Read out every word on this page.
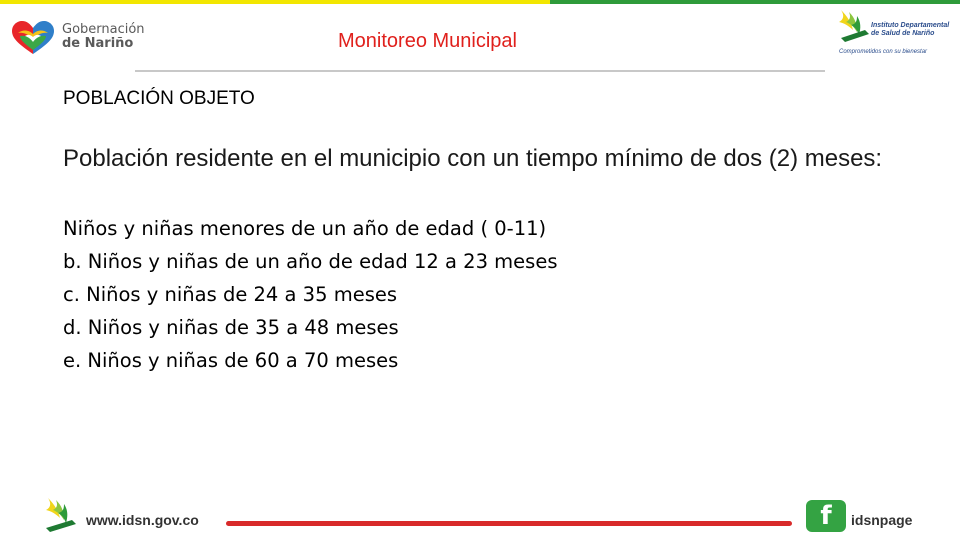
Gobernación
de Nariño	Monitoreo Municipal
Instituto Departamental de Salud de Nariño
Comprometidos con su bienestar
POBLACIÓN OBJETO
Población residente en el municipio con un tiempo mínimo de dos (2) meses:
Niños y niñas menores de un año de edad ( 0-11)
b. Niños y niñas de un año de edad 12 a 23 meses
c. Niños y niñas de 24 a 35 meses
d. Niños y niñas de 35 a 48 meses
e. Niños y niñas de 60 a 70 meses
www.idsn.gov.co	f	idsnpage
